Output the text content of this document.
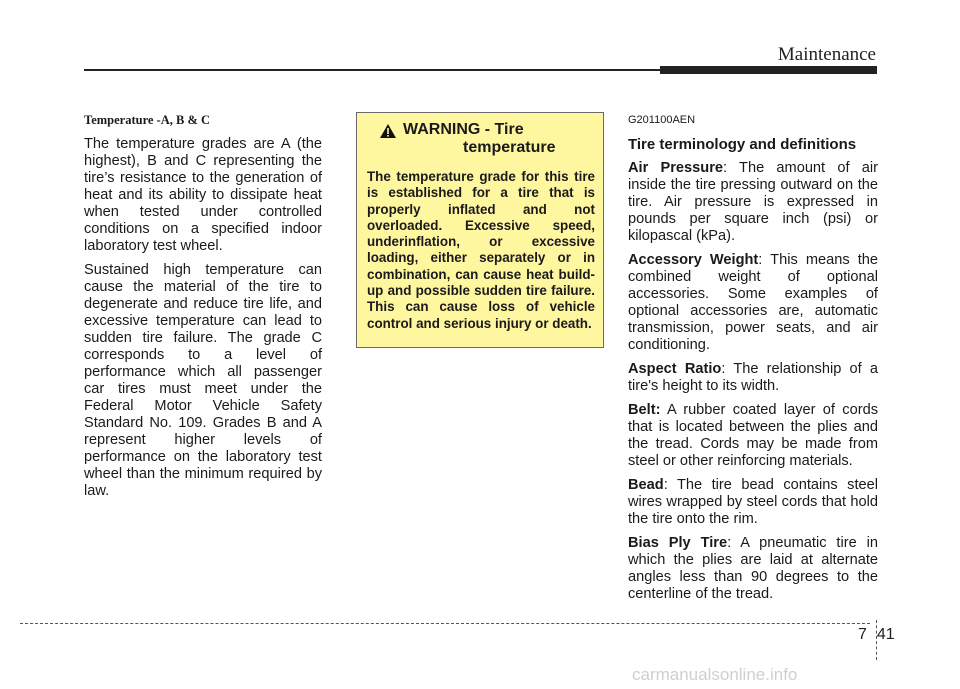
Maintenance

Temperature -A, B & C

The temperature grades are A (the highest), B and C representing the tire’s resistance to the generation of heat and its ability to dissipate heat when tested under controlled conditions on a specified indoor laboratory test wheel.

Sustained high temperature can cause the material of the tire to degenerate and reduce tire life, and excessive temperature can lead to sudden tire failure. The grade C corresponds to a level of performance which all passenger car tires must meet under the Federal Motor Vehicle Safety Standard No. 109. Grades B and A represent higher levels of performance on the laboratory test wheel than the minimum required by law.

WARNING - Tire
temperature
The temperature grade for this tire is established for a tire that is properly inflated and not overloaded. Excessive speed, underinflation, or excessive loading, either separately or in combination, can cause heat build-up and possible sudden tire failure. This can cause loss of vehicle control and serious injury or death.

G201100AEN

Tire terminology and definitions

Air Pressure: The amount of air inside the tire pressing outward on the tire. Air pressure is expressed in pounds per square inch (psi) or kilopascal (kPa).

Accessory Weight: This means the combined weight of optional accessories. Some examples of optional accessories are, automatic transmission, power seats, and air conditioning.

Aspect Ratio: The relationship of a tire's height to its width.

Belt: A rubber coated layer of cords that is located between the plies and the tread. Cords may be made from steel or other reinforcing materials.

Bead: The tire bead contains steel wires wrapped by steel cords that hold the tire onto the rim.

Bias Ply Tire: A pneumatic tire in which the plies are laid at alternate angles less than 90 degrees to the centerline of the tread.

7 41
carmanualsonline.info
